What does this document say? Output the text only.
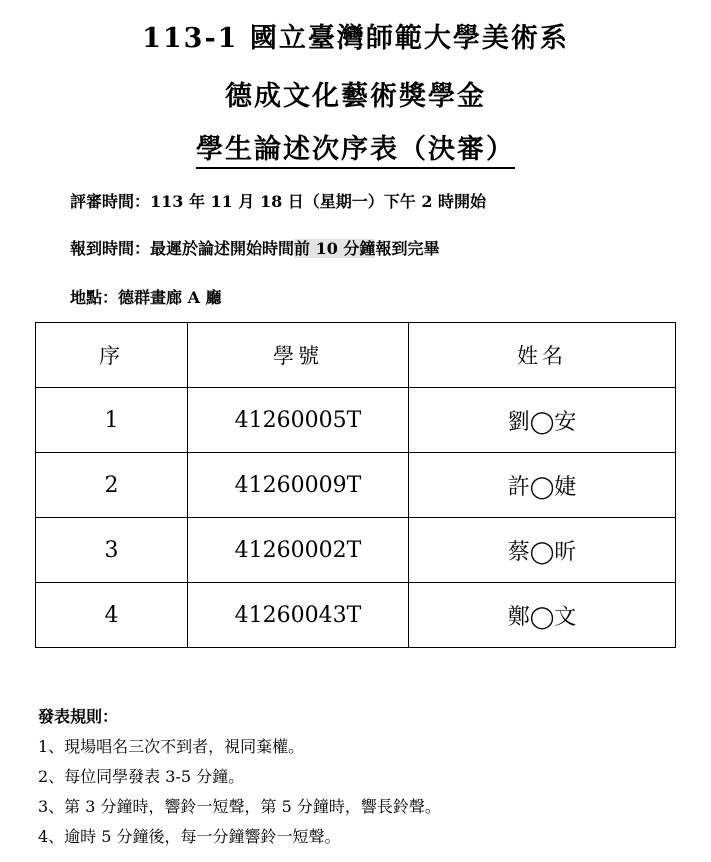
113-1 國立臺灣師範大學美術系
德成文化藝術獎學金
學生論述次序表（決審）
評審時間：113 年 11 月 18 日（星期一）下午 2 時開始
報到時間：最遲於論述開始時間前 10 分鐘報到完畢
地點：德群畫廊 A 廳
序	學號	姓名
1	41260005T	劉◯安
2	41260009T	許◯婕
3	41260002T	蔡◯昕
4	41260043T	鄭◯文
發表規則：
1、現場唱名三次不到者，視同棄權。
2、每位同學發表 3-5 分鐘。
3、第 3 分鐘時，響鈴一短聲，第 5 分鐘時，響長鈴聲。
4、逾時 5 分鐘後，每一分鐘響鈴一短聲。
